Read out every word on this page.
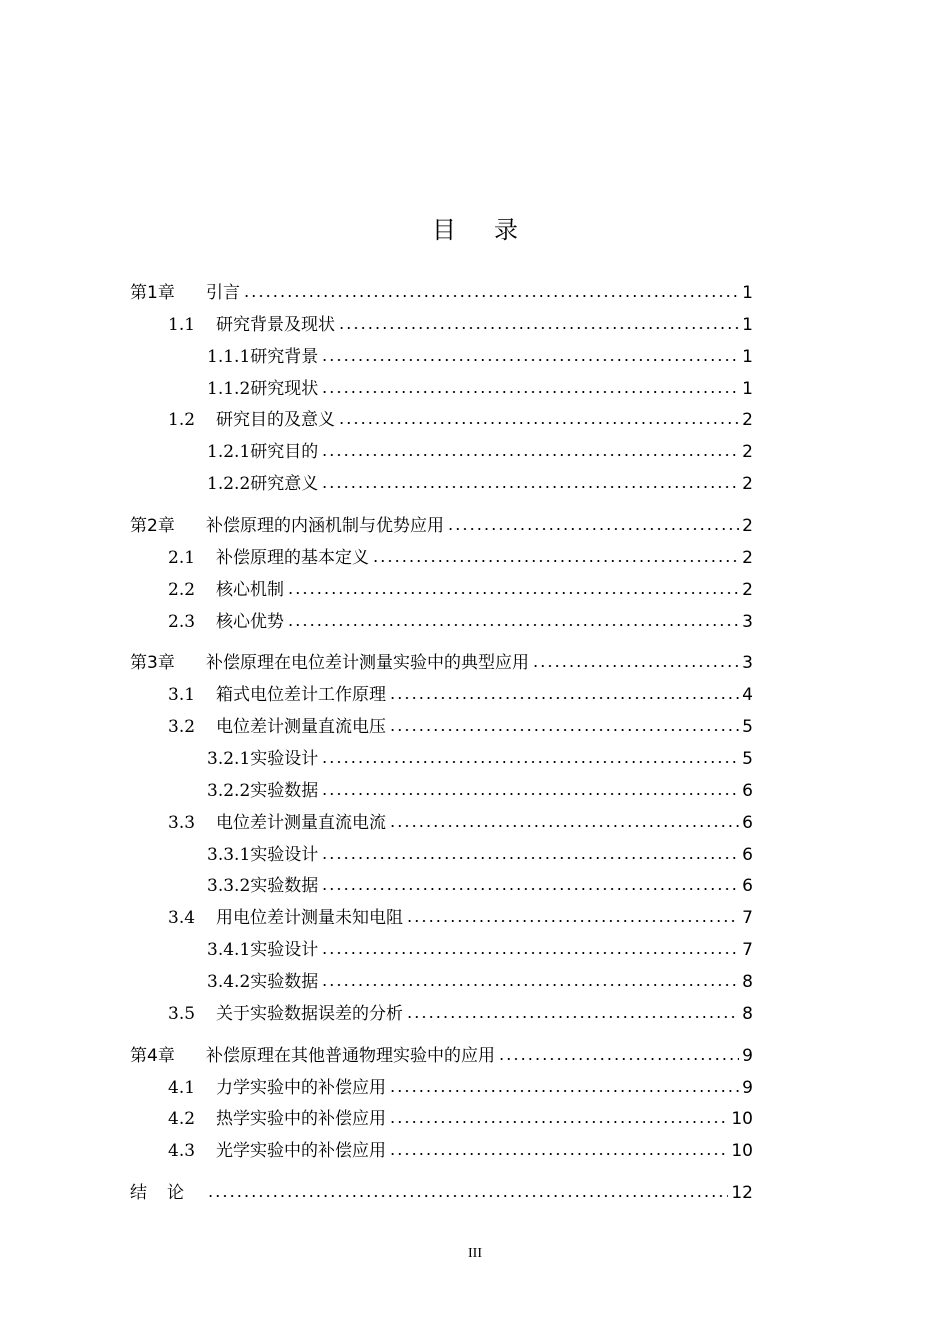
目录
第1章	引言	1
1.1	研究背景及现状	1
1.1.1 研究背景	1
1.1.2 研究现状	1
1.2	研究目的及意义	2
1.2.1 研究目的	2
1.2.2 研究意义	2
第2章	补偿原理的内涵机制与优势应用	2
2.1	补偿原理的基本定义	2
2.2	核心机制	2
2.3	核心优势	3
第3章	补偿原理在电位差计测量实验中的典型应用	3
3.1	箱式电位差计工作原理	4
3.2	电位差计测量直流电压	5
3.2.1 实验设计	5
3.2.2 实验数据	6
3.3	电位差计测量直流电流	6
3.3.1 实验设计	6
3.3.2 实验数据	6
3.4	用电位差计测量未知电阻	7
3.4.1 实验设计	7
3.4.2 实验数据	8
3.5	关于实验数据误差的分析	8
第4章	补偿原理在其他普通物理实验中的应用	9
4.1	力学实验中的补偿应用	9
4.2	热学实验中的补偿应用	10
4.3	光学实验中的补偿应用	10
结论	12
III
